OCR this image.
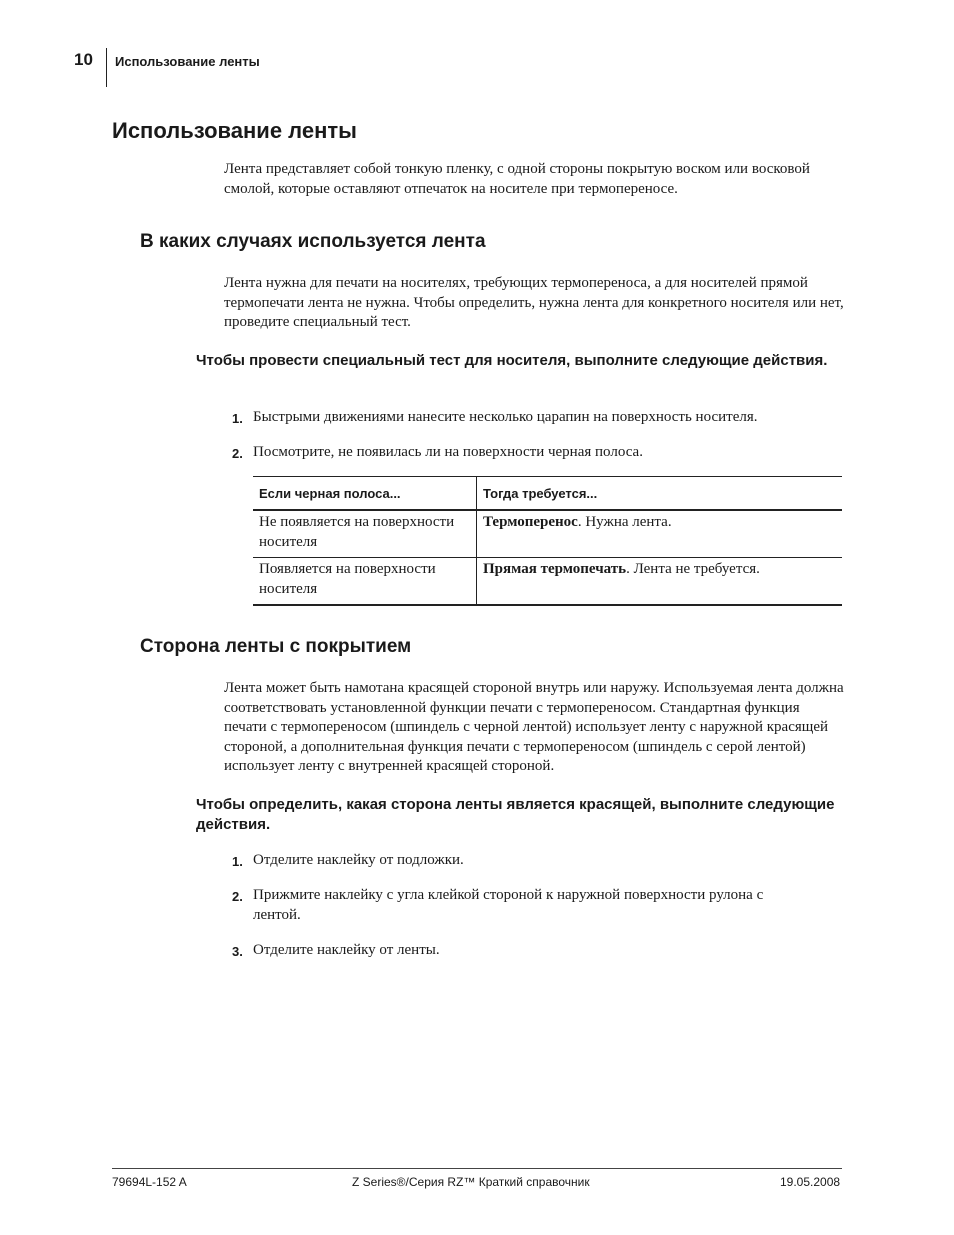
10 Использование ленты
Использование ленты

Лента представляет собой тонкую пленку, с одной стороны покрытую воском или восковой смолой, которые оставляют отпечаток на носителе при термопереносе.

В каких случаях используется лента

Лента нужна для печати на носителях, требующих термопереноса, а для носителей прямой термопечати лента не нужна. Чтобы определить, нужна лента для конкретного носителя или нет, проведите специальный тест.

Чтобы провести специальный тест для носителя, выполните следующие действия.

1. Быстрыми движениями нанесите несколько царапин на поверхность носителя.
2. Посмотрите, не появилась ли на поверхности черная полоса.
Если черная полоса...	Тогда требуется...
Не появляется на поверхности носителя	Термоперенос. Нужна лента.
Появляется на поверхности носителя	Прямая термопечать. Лента не требуется.
Сторона ленты с покрытием

Лента может быть намотана красящей стороной внутрь или наружу. Используемая лента должна соответствовать установленной функции печати с термопереносом. Стандартная функция печати с термопереносом (шпиндель с черной лентой) использует ленту с наружной красящей стороной, а дополнительная функция печати с термопереносом (шпиндель с серой лентой) использует ленту с внутренней красящей стороной.

Чтобы определить, какая сторона ленты является красящей, выполните следующие действия.

1. Отделите наклейку от подложки.
2. Прижмите наклейку с угла клейкой стороной к наружной поверхности рулона с лентой.
3. Отделите наклейку от ленты.
79694L-152 A	Z Series®/Серия RZ™ Краткий справочник	19.05.2008
